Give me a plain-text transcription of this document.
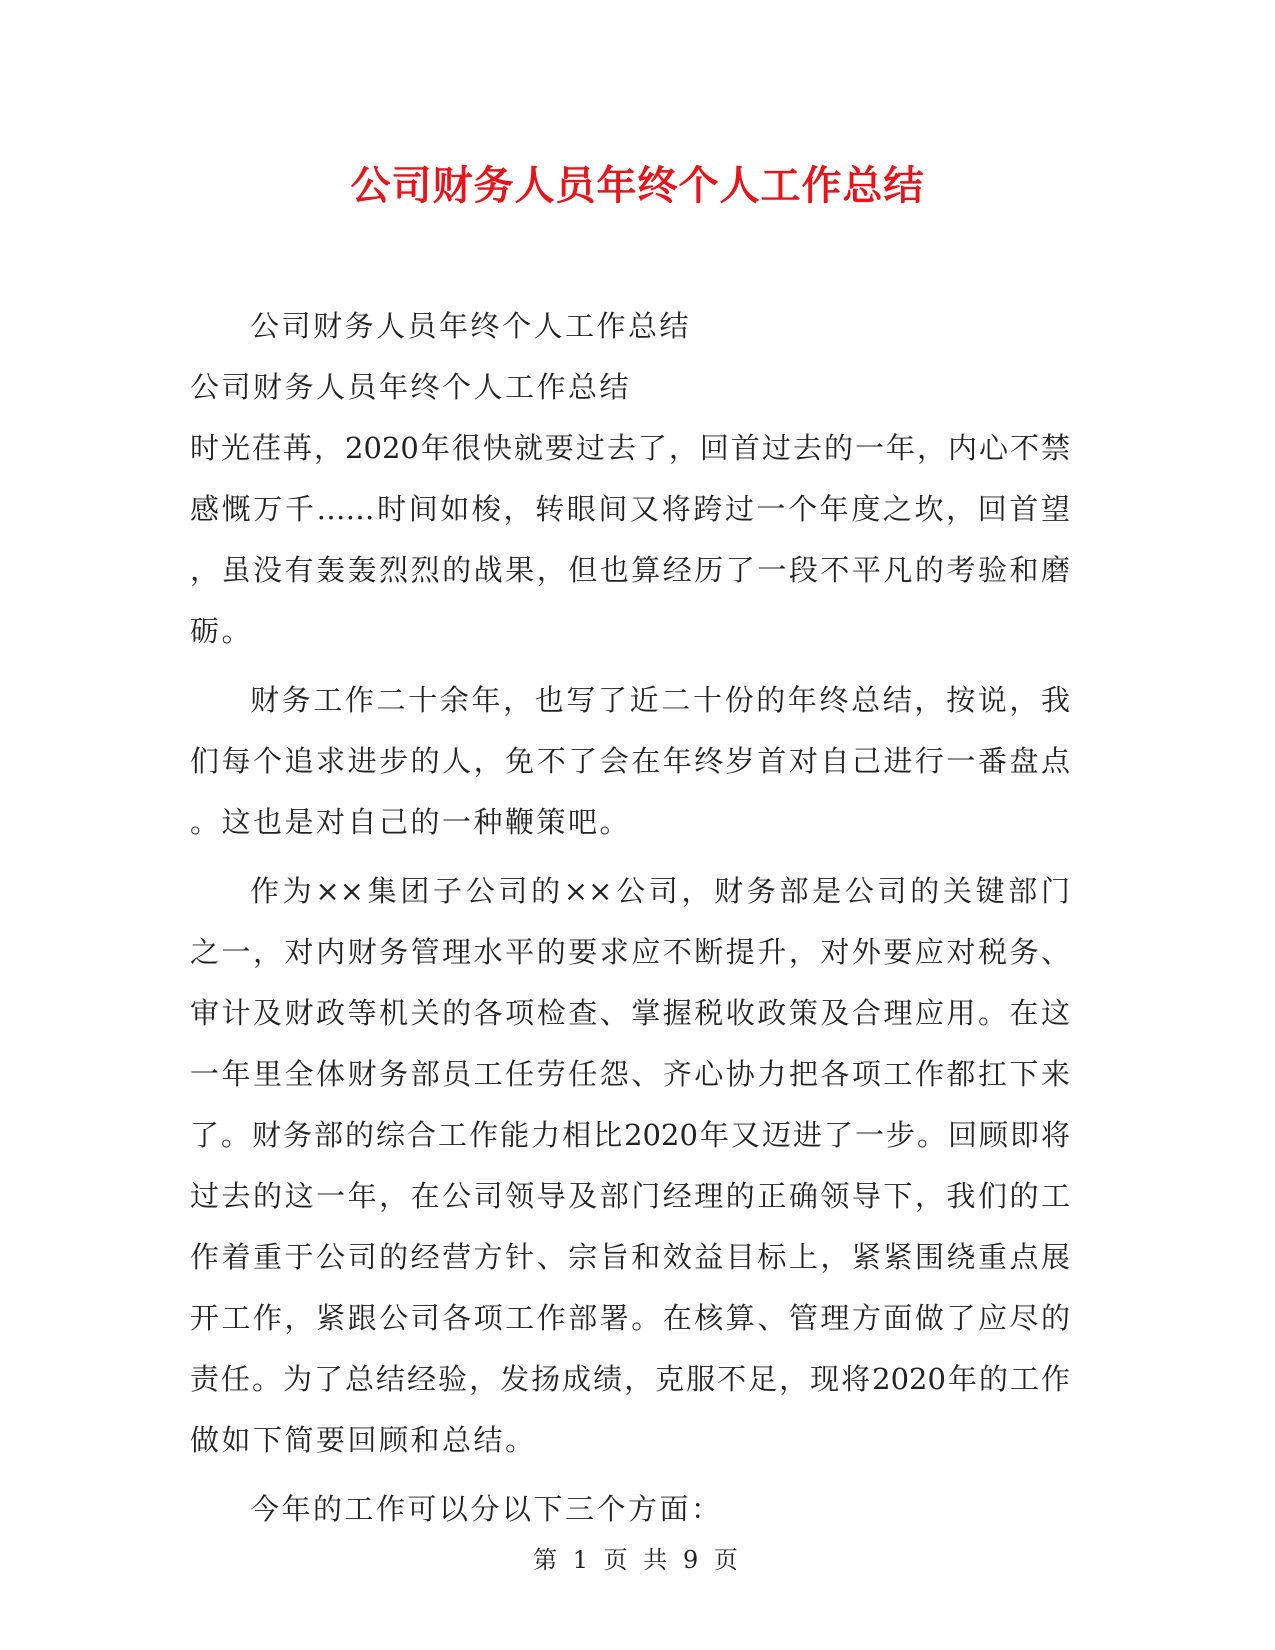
公司财务人员年终个人工作总结
公司财务人员年终个人工作总结
公司财务人员年终个人工作总结
时光荏苒，2020年很快就要过去了，回首过去的一年，内心不禁
感慨万千……时间如梭，转眼间又将跨过一个年度之坎，回首望
，虽没有轰轰烈烈的战果，但也算经历了一段不平凡的考验和磨
砺。
财务工作二十余年，也写了近二十份的年终总结，按说，我
们每个追求进步的人，免不了会在年终岁首对自己进行一番盘点
。这也是对自己的一种鞭策吧。
作为××集团子公司的××公司，财务部是公司的关键部门
之一，对内财务管理水平的要求应不断提升，对外要应对税务、
审计及财政等机关的各项检查、掌握税收政策及合理应用。在这
一年里全体财务部员工任劳任怨、齐心协力把各项工作都扛下来
了。财务部的综合工作能力相比2020年又迈进了一步。回顾即将
过去的这一年，在公司领导及部门经理的正确领导下，我们的工
作着重于公司的经营方针、宗旨和效益目标上，紧紧围绕重点展
开工作，紧跟公司各项工作部署。在核算、管理方面做了应尽的
责任。为了总结经验，发扬成绩，克服不足，现将2020年的工作
做如下简要回顾和总结。
今年的工作可以分以下三个方面：
第 1 页 共 9 页
